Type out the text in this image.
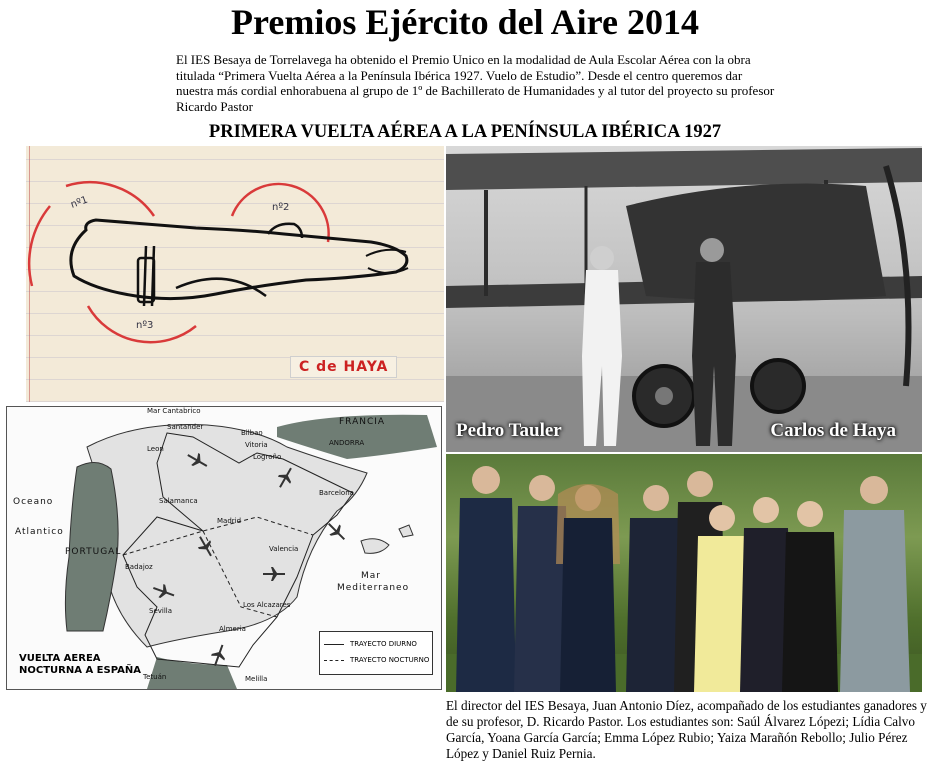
Premios Ejército del Aire 2014
El IES Besaya de Torrelavega ha obtenido el Premio Unico en la modalidad de Aula Escolar Aérea con la obra titulada “Primera Vuelta Aérea a la Península Ibérica 1927. Vuelo de Estudio”. Desde el centro queremos dar nuestra más cordial enhorabuena al grupo de 1º de Bachillerato de Humanidades y al tutor del proyecto su profesor Ricardo Pastor
PRIMERA VUELTA AÉREA A LA PENÍNSULA IBÉRICA 1927
nº1	nº2
nº3
C de HAYA
Pedro Tauler	Carlos de Haya
Mar Cantabrico
Oceano
Atlantico
Mar
Mediterraneo
FRANCIA
ANDORRA
PORTUGAL
Santander
Bilbao
Vitoria
Logroño
Leon
Barcelona
Salamanca
Madrid
Valencia
Badajoz
Sevilla
Los Alcazares
Almeria
Melilla
Tetuán
TRAYECTO DIURNO
TRAYECTO NOCTURNO
VUELTA AEREA
NOCTURNA A ESPAÑA
El director del IES Besaya, Juan Antonio Díez, acompañado de los estudiantes ganadores y de su profesor, D. Ricardo Pastor. Los estudiantes son: Saúl Álvarez Lópezi; Lídia Calvo García, Yoana García García; Emma López Rubio; Yaiza Marañón Rebollo; Julio Pérez López y Daniel Ruiz Pernia.
